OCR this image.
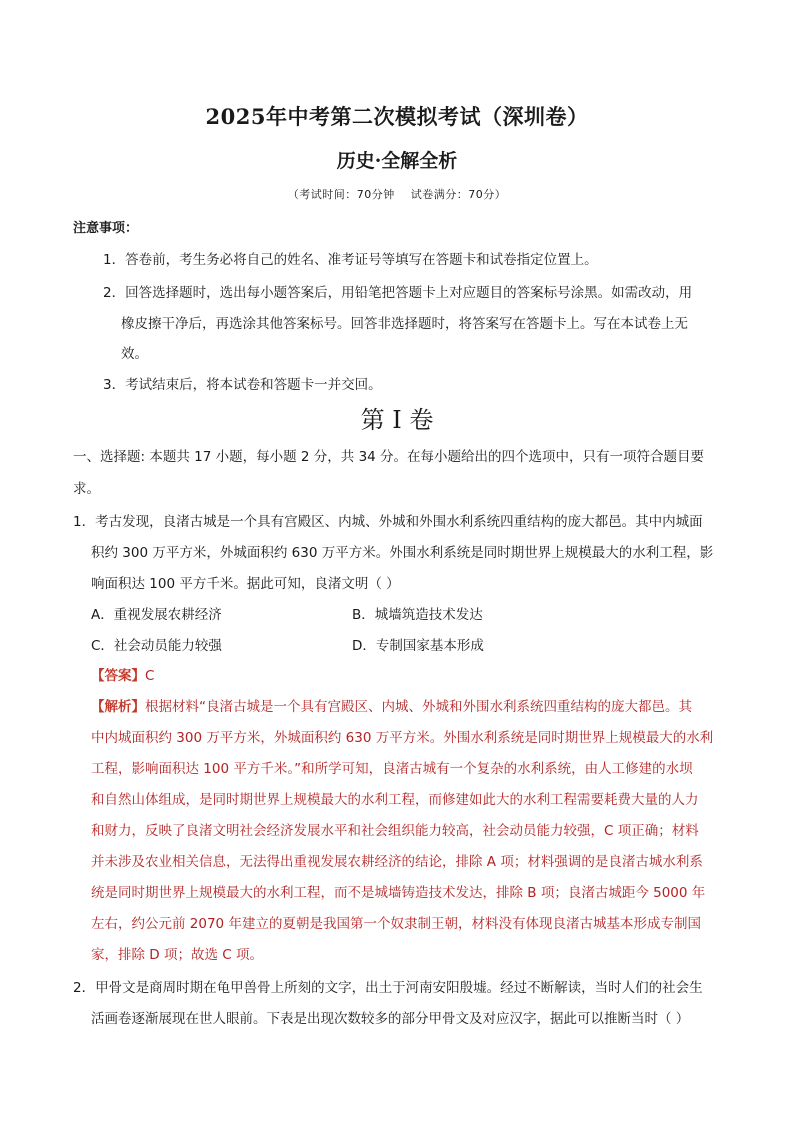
2025年中考第二次模拟考试（深圳卷）
历史·全解全析
（考试时间：70分钟 试卷满分：70分）
注意事项：
1．答卷前，考生务必将自己的姓名、准考证号等填写在答题卡和试卷指定位置上。
2．回答选择题时，选出每小题答案后，用铅笔把答题卡上对应题目的答案标号涂黑。如需改动，用
橡皮擦干净后，再选涂其他答案标号。回答非选择题时，将答案写在答题卡上。写在本试卷上无
效。
3．考试结束后，将本试卷和答题卡一并交回。
第 I 卷
一、选择题: 本题共 17 小题，每小题 2 分，共 34 分。在每小题给出的四个选项中，只有一项符合题目要
求。
1．考古发现，良渚古城是一个具有宫殿区、内城、外城和外围水利系统四重结构的庞大都邑。其中内城面
积约 300 万平方米，外城面积约 630 万平方米。外围水利系统是同时期世界上规模最大的水利工程，影
响面积达 100 平方千米。据此可知，良渚文明（ ）
A．重视发展农耕经济	B．城墙筑造技术发达
C．社会动员能力较强	D．专制国家基本形成
【答案】C
【解析】根据材料“良渚古城是一个具有宫殿区、内城、外城和外围水利系统四重结构的庞大都邑。其
中内城面积约 300 万平方米，外城面积约 630 万平方米。外围水利系统是同时期世界上规模最大的水利
工程，影响面积达 100 平方千米。”和所学可知，良渚古城有一个复杂的水利系统，由人工修建的水坝
和自然山体组成，是同时期世界上规模最大的水利工程，而修建如此大的水利工程需要耗费大量的人力
和财力，反映了良渚文明社会经济发展水平和社会组织能力较高，社会动员能力较强，C 项正确；材料
并未涉及农业相关信息，无法得出重视发展农耕经济的结论，排除 A 项；材料强调的是良渚古城水利系
统是同时期世界上规模最大的水利工程，而不是城墙铸造技术发达，排除 B 项；良渚古城距今 5000 年
左右，约公元前 2070 年建立的夏朝是我国第一个奴隶制王朝，材料没有体现良渚古城基本形成专制国
家，排除 D 项；故选 C 项。
2．甲骨文是商周时期在龟甲兽骨上所刻的文字，出土于河南安阳殷墟。经过不断解读，当时人们的社会生
活画卷逐渐展现在世人眼前。下表是出现次数较多的部分甲骨文及对应汉字，据此可以推断当时（ ）
